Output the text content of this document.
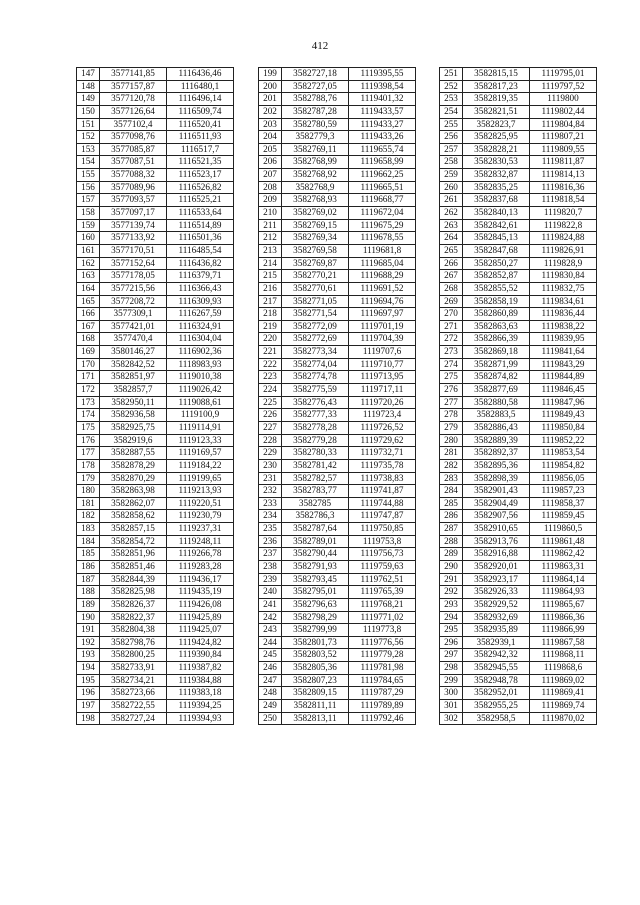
412
147	3577141,85	1116436,46
148	3577157,87	1116480,1
149	3577120,78	1116496,14
150	3577126,64	1116509,74
151	3577102,4	1116520,41
152	3577098,76	1116511,93
153	3577085,87	1116517,7
154	3577087,51	1116521,35
155	3577088,32	1116523,17
156	3577089,96	1116526,82
157	3577093,57	1116525,21
158	3577097,17	1116533,64
159	3577139,74	1116514,89
160	3577133,92	1116501,36
161	3577170,51	1116485,54
162	3577152,64	1116436,82
163	3577178,05	1116379,71
164	3577215,56	1116366,43
165	3577208,72	1116309,93
166	3577309,1	1116267,59
167	3577421,01	1116324,91
168	3577470,4	1116304,04
169	3580146,27	1116902,36
170	3582842,52	1118983,93
171	3582851,97	1119010,38
172	3582857,7	1119026,42
173	3582950,11	1119088,61
174	3582936,58	1119100,9
175	3582925,75	1119114,91
176	3582919,6	1119123,33
177	3582887,55	1119169,57
178	3582878,29	1119184,22
179	3582870,29	1119199,65
180	3582863,98	1119213,93
181	3582862,07	1119220,51
182	3582858,62	1119230,79
183	3582857,15	1119237,31
184	3582854,72	1119248,11
185	3582851,96	1119266,78
186	3582851,46	1119283,28
187	3582844,39	1119436,17
188	3582825,98	1119435,19
189	3582826,37	1119426,08
190	3582822,37	1119425,89
191	3582804,38	1119425,07
192	3582798,76	1119424,82
193	3582800,25	1119390,84
194	3582733,91	1119387,82
195	3582734,21	1119384,88
196	3582723,66	1119383,18
197	3582722,55	1119394,25
198	3582727,24	1119394,93
199	3582727,18	1119395,55
200	3582727,05	1119398,54
201	3582788,76	1119401,32
202	3582787,28	1119433,57
203	3582780,59	1119433,27
204	3582779,3	1119433,26
205	3582769,11	1119655,74
206	3582768,99	1119658,99
207	3582768,92	1119662,25
208	3582768,9	1119665,51
209	3582768,93	1119668,77
210	3582769,02	1119672,04
211	3582769,15	1119675,29
212	3582769,34	1119678,55
213	3582769,58	1119681,8
214	3582769,87	1119685,04
215	3582770,21	1119688,29
216	3582770,61	1119691,52
217	3582771,05	1119694,76
218	3582771,54	1119697,97
219	3582772,09	1119701,19
220	3582772,69	1119704,39
221	3582773,34	1119707,6
222	3582774,04	1119710,77
223	3582774,78	1119713,95
224	3582775,59	1119717,11
225	3582776,43	1119720,26
226	3582777,33	1119723,4
227	3582778,28	1119726,52
228	3582779,28	1119729,62
229	3582780,33	1119732,71
230	3582781,42	1119735,78
231	3582782,57	1119738,83
232	3582783,77	1119741,87
233	3582785	1119744,88
234	3582786,3	1119747,87
235	3582787,64	1119750,85
236	3582789,01	1119753,8
237	3582790,44	1119756,73
238	3582791,93	1119759,63
239	3582793,45	1119762,51
240	3582795,01	1119765,39
241	3582796,63	1119768,21
242	3582798,29	1119771,02
243	3582799,99	1119773,8
244	3582801,73	1119776,56
245	3582803,52	1119779,28
246	3582805,36	1119781,98
247	3582807,23	1119784,65
248	3582809,15	1119787,29
249	3582811,11	1119789,89
250	3582813,11	1119792,46
251	3582815,15	1119795,01
252	3582817,23	1119797,52
253	3582819,35	1119800
254	3582821,51	1119802,44
255	3582823,7	1119804,84
256	3582825,95	1119807,21
257	3582828,21	1119809,55
258	3582830,53	1119811,87
259	3582832,87	1119814,13
260	3582835,25	1119816,36
261	3582837,68	1119818,54
262	3582840,13	1119820,7
263	3582842,61	1119822,8
264	3582845,13	1119824,88
265	3582847,68	1119826,91
266	3582850,27	1119828,9
267	3582852,87	1119830,84
268	3582855,52	1119832,75
269	3582858,19	1119834,61
270	3582860,89	1119836,44
271	3582863,63	1119838,22
272	3582866,39	1119839,95
273	3582869,18	1119841,64
274	3582871,99	1119843,29
275	3582874,82	1119844,89
276	3582877,69	1119846,45
277	3582880,58	1119847,96
278	3582883,5	1119849,43
279	3582886,43	1119850,84
280	3582889,39	1119852,22
281	3582892,37	1119853,54
282	3582895,36	1119854,82
283	3582898,39	1119856,05
284	3582901,43	1119857,23
285	3582904,49	1119858,37
286	3582907,56	1119859,45
287	3582910,65	1119860,5
288	3582913,76	1119861,48
289	3582916,88	1119862,42
290	3582920,01	1119863,31
291	3582923,17	1119864,14
292	3582926,33	1119864,93
293	3582929,52	1119865,67
294	3582932,69	1119866,36
295	3582935,89	1119866,99
296	3582939,1	1119867,58
297	3582942,32	1119868,11
298	3582945,55	1119868,6
299	3582948,78	1119869,02
300	3582952,01	1119869,41
301	3582955,25	1119869,74
302	3582958,5	1119870,02
